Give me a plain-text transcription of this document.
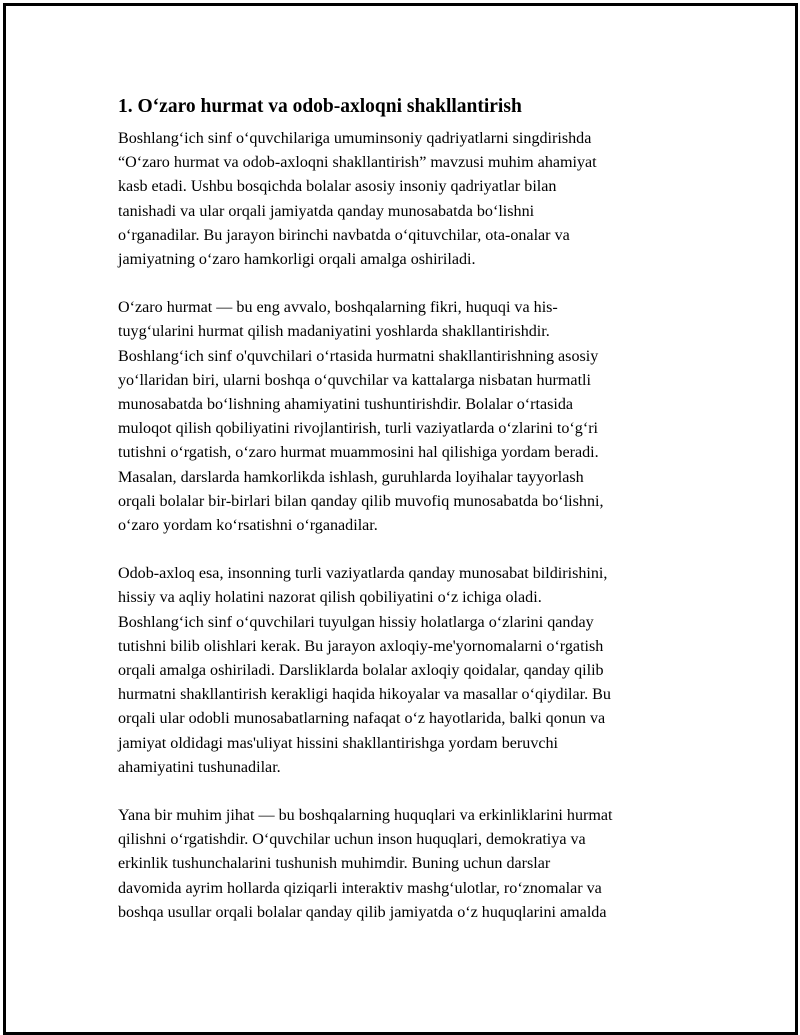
1. O‘zaro hurmat va odob-axloqni shakllantirish
Boshlang‘ich sinf o‘quvchilariga umuminsoniy qadriyatlarni singdirishda
“O‘zaro hurmat va odob-axloqni shakllantirish” mavzusi muhim ahamiyat
kasb etadi. Ushbu bosqichda bolalar asosiy insoniy qadriyatlar bilan
tanishadi va ular orqali jamiyatda qanday munosabatda bo‘lishni
o‘rganadilar. Bu jarayon birinchi navbatda o‘qituvchilar, ota-onalar va
jamiyatning o‘zaro hamkorligi orqali amalga oshiriladi.
O‘zaro hurmat — bu eng avvalo, boshqalarning fikri, huquqi va his-
tuyg‘ularini hurmat qilish madaniyatini yoshlarda shakllantirishdir.
Boshlang‘ich sinf o'quvchilari o‘rtasida hurmatni shakllantirishning asosiy
yo‘llaridan biri, ularni boshqa o‘quvchilar va kattalarga nisbatan hurmatli
munosabatda bo‘lishning ahamiyatini tushuntirishdir. Bolalar o‘rtasida
muloqot qilish qobiliyatini rivojlantirish, turli vaziyatlarda o‘zlarini to‘g‘ri
tutishni o‘rgatish, o‘zaro hurmat muammosini hal qilishiga yordam beradi.
Masalan, darslarda hamkorlikda ishlash, guruhlarda loyihalar tayyorlash
orqali bolalar bir-birlari bilan qanday qilib muvofiq munosabatda bo‘lishni,
o‘zaro yordam ko‘rsatishni o‘rganadilar.
Odob-axloq esa, insonning turli vaziyatlarda qanday munosabat bildirishini,
hissiy va aqliy holatini nazorat qilish qobiliyatini o‘z ichiga oladi.
Boshlang‘ich sinf o‘quvchilari tuyulgan hissiy holatlarga o‘zlarini qanday
tutishni bilib olishlari kerak. Bu jarayon axloqiy-me'yornomalarni o‘rgatish
orqali amalga oshiriladi. Darsliklarda bolalar axloqiy qoidalar, qanday qilib
hurmatni shakllantirish kerakligi haqida hikoyalar va masallar o‘qiydilar. Bu
orqali ular odobli munosabatlarning nafaqat o‘z hayotlarida, balki qonun va
jamiyat oldidagi mas'uliyat hissini shakllantirishga yordam beruvchi
ahamiyatini tushunadilar.
Yana bir muhim jihat — bu boshqalarning huquqlari va erkinliklarini hurmat
qilishni o‘rgatishdir. O‘quvchilar uchun inson huquqlari, demokratiya va
erkinlik tushunchalarini tushunish muhimdir. Buning uchun darslar
davomida ayrim hollarda qiziqarli interaktiv mashg‘ulotlar, ro‘znomalar va
boshqa usullar orqali bolalar qanday qilib jamiyatda o‘z huquqlarini amalda
